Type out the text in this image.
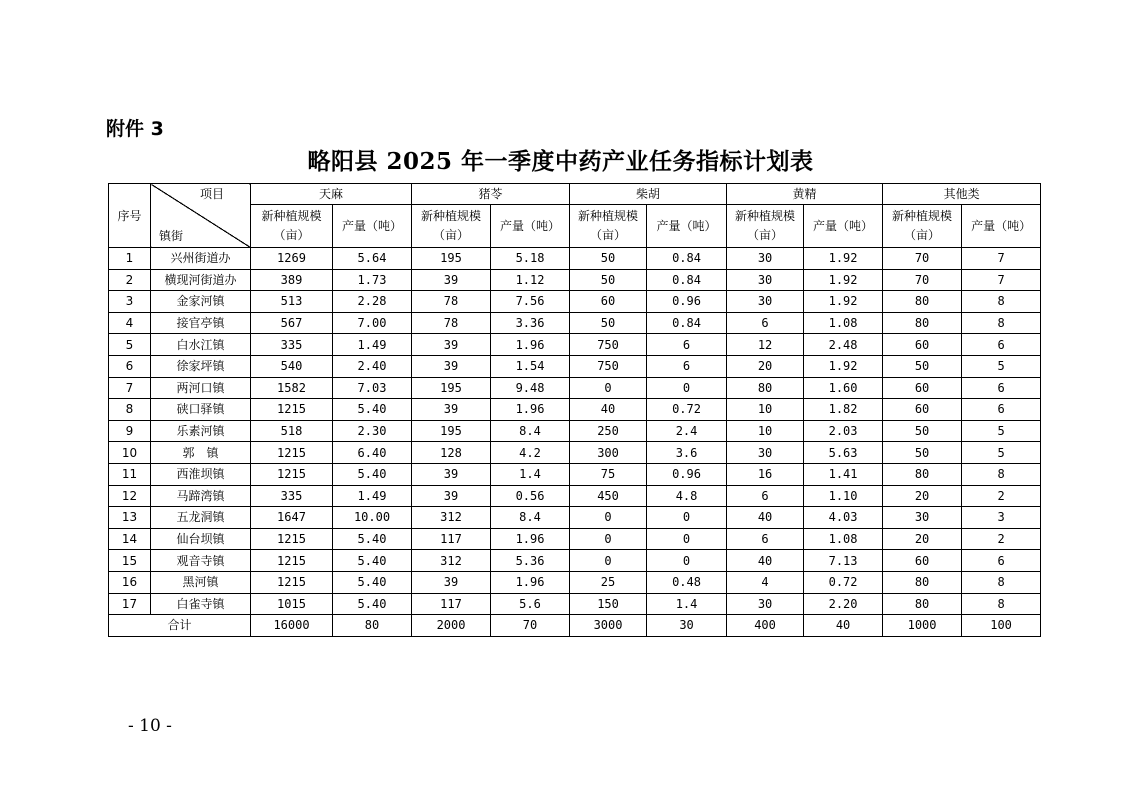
附件 3
略阳县 2025 年一季度中药产业任务指标计划表
序号	项目
镇街	天麻		猪苓		柴胡		黄精		其他类	
		新种植规模（亩）	产量（吨）	新种植规模（亩）	产量（吨）	新种植规模（亩）	产量（吨）	新种植规模（亩）	产量（吨）	新种植规模（亩）	产量（吨）
1	兴州街道办	1269	5.64	195	5.18	50	0.84	30	1.92	70	7
2	横现河街道办	389	1.73	39	1.12	50	0.84	30	1.92	70	7
3	金家河镇	513	2.28	78	7.56	60	0.96	30	1.92	80	8
4	接官亭镇	567	7.00	78	3.36	50	0.84	6	1.08	80	8
5	白水江镇	335	1.49	39	1.96	750	6	12	2.48	60	6
6	徐家坪镇	540	2.40	39	1.54	750	6	20	1.92	50	5
7	两河口镇	1582	7.03	195	9.48	0	0	80	1.60	60	6
8	硖口驿镇	1215	5.40	39	1.96	40	0.72	10	1.82	60	6
9	乐素河镇	518	2.30	195	8.4	250	2.4	10	2.03	50	5
10	郭　镇	1215	6.40	128	4.2	300	3.6	30	5.63	50	5
11	西淮坝镇	1215	5.40	39	1.4	75	0.96	16	1.41	80	8
12	马蹄湾镇	335	1.49	39	0.56	450	4.8	6	1.10	20	2
13	五龙洞镇	1647	10.00	312	8.4	0	0	40	4.03	30	3
14	仙台坝镇	1215	5.40	117	1.96	0	0	6	1.08	20	2
15	观音寺镇	1215	5.40	312	5.36	0	0	40	7.13	60	6
16	黑河镇	1215	5.40	39	1.96	25	0.48	4	0.72	80	8
17	白雀寺镇	1015	5.40	117	5.6	150	1.4	30	2.20	80	8
合计		16000	80	2000	70	3000	30	400	40	1000	100
- 10 -
